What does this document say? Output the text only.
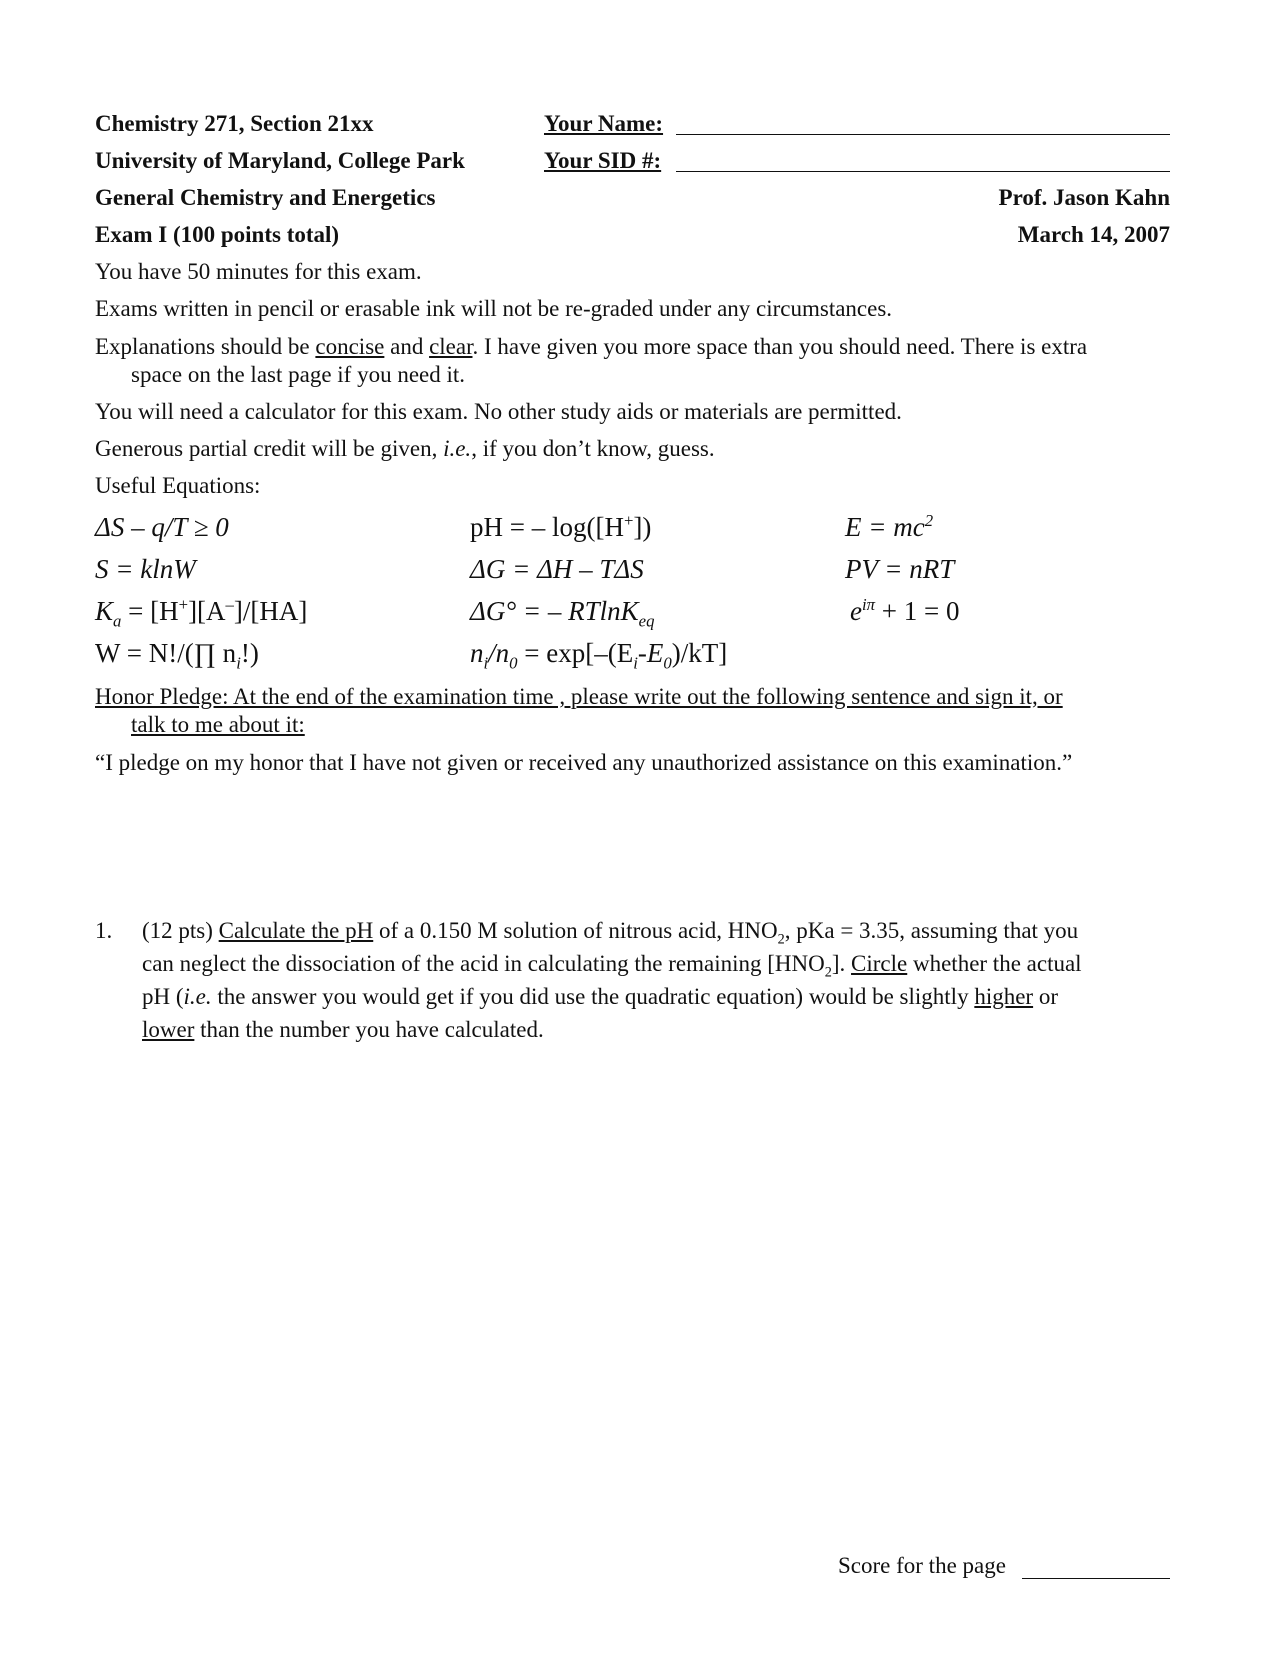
Chemistry 271, Section 21xx
University of Maryland, College Park
General Chemistry and Energetics
Exam I (100 points total)
Your Name:
Your SID #:
Prof. Jason Kahn
March 14, 2007
You have 50 minutes for this exam.
Exams written in pencil or erasable ink will not be re-graded under any circumstances.
Explanations should be concise and clear. I have given you more space than you should need. There is extra
space on the last page if you need it.
You will need a calculator for this exam. No other study aids or materials are permitted.
Generous partial credit will be given, i.e., if you don’t know, guess.
Useful Equations:
ΔS – q/T ≥ 0	pH = – log([H+])	$E = mc^2$
S = klnW	ΔG = ΔH – TΔS	PV = nRT
$K_a = [H^+][A^-]/[HA]$	ΔG° = – RTlnK$_{eq}$	$e^{i\pi} + 1 = 0$
W = N!/(∏ $n_i$!)	$n_i/n_0 = \exp[-(E_i-E_0)/kT]$
Honor Pledge: At the end of the examination time , please write out the following sentence and sign it, or
talk to me about it:
“I pledge on my honor that I have not given or received any unauthorized assistance on this examination.”
1. (12 pts) Calculate the pH of a 0.150 M solution of nitrous acid, $HNO_2$, pKa = 3.35, assuming that you
can neglect the dissociation of the acid in calculating the remaining $[HNO_2]$. Circle whether the actual
pH (i.e. the answer you would get if you did use the quadratic equation) would be slightly higher or
lower than the number you have calculated.
Score for the page
